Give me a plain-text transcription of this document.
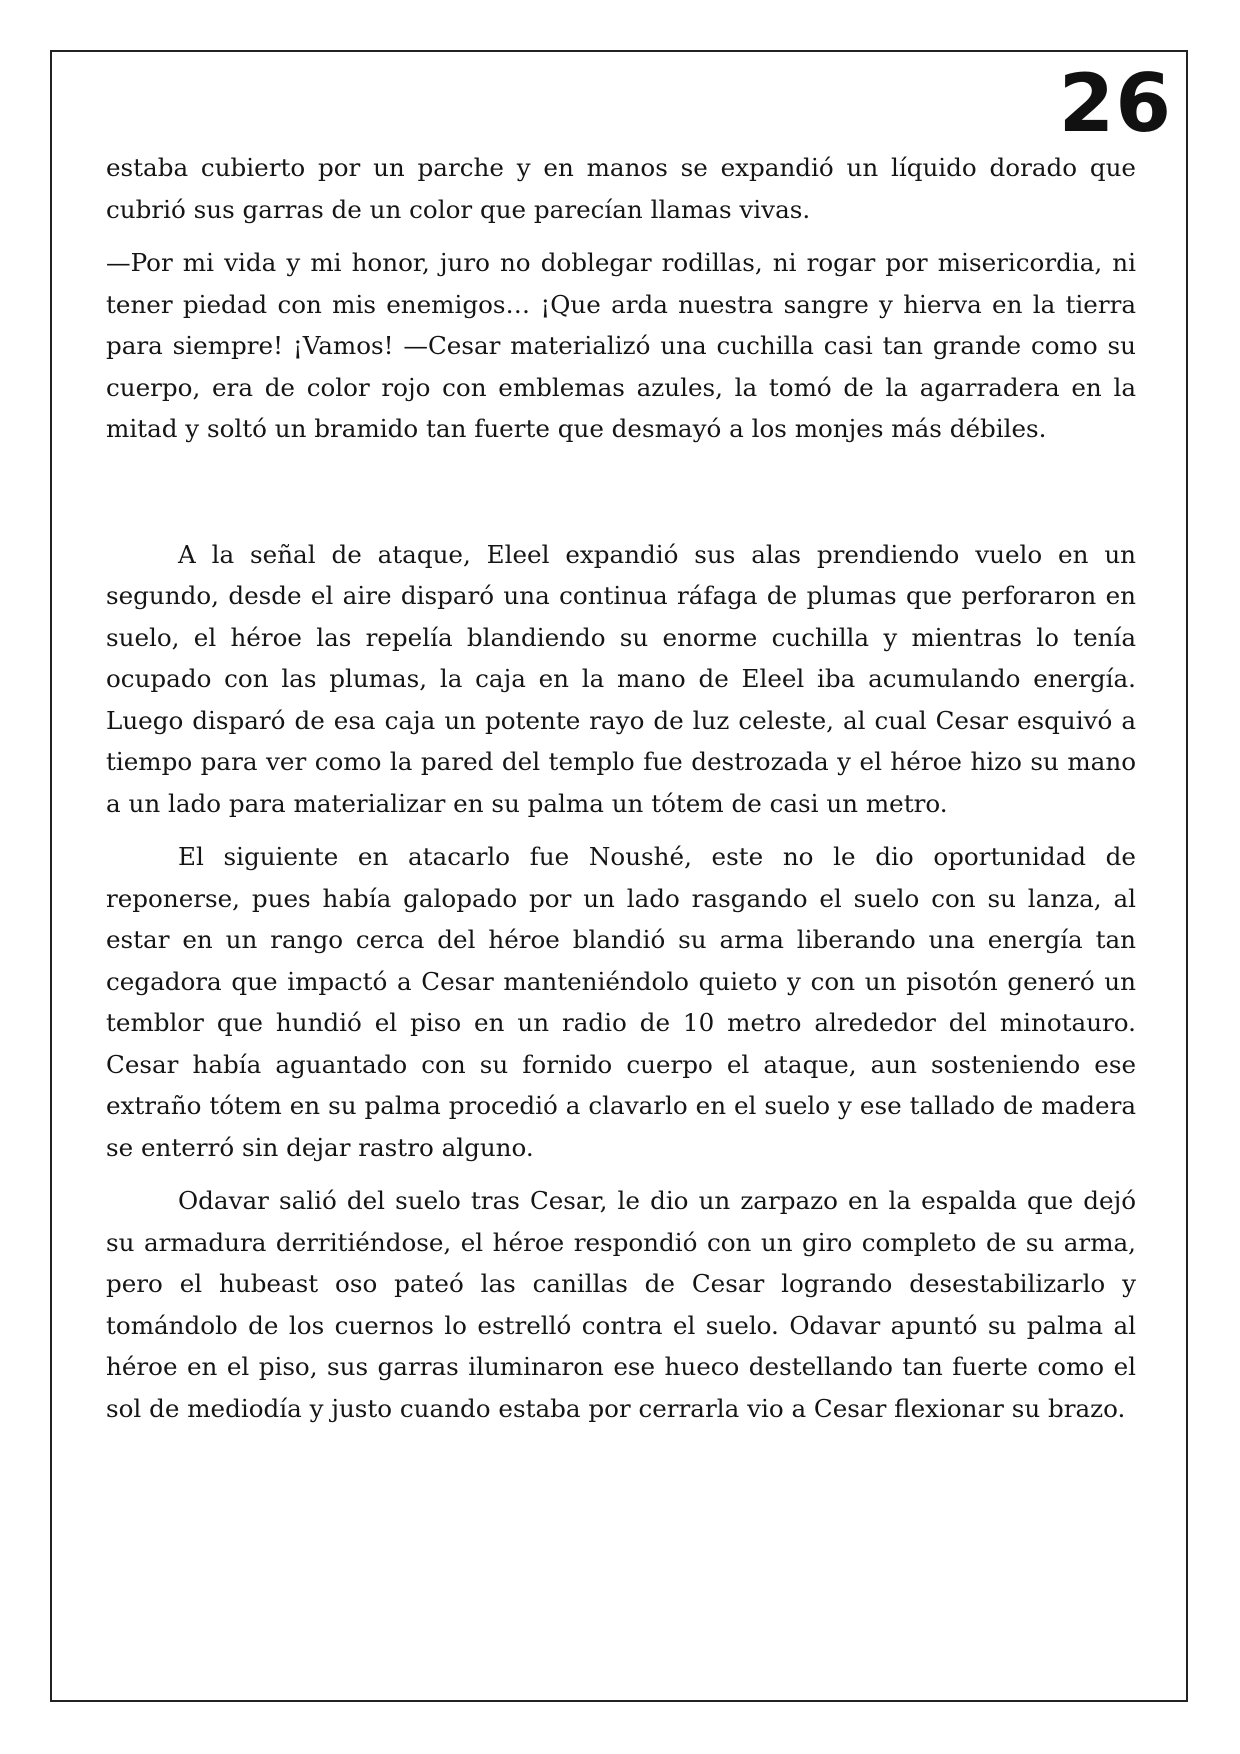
26

estaba cubierto por un parche y en manos se expandió un líquido dorado que cubrió sus garras de un color que parecían llamas vivas.

—Por mi vida y mi honor, juro no doblegar rodillas, ni rogar por misericordia, ni tener piedad con mis enemigos… ¡Que arda nuestra sangre y hierva en la tierra para siempre! ¡Vamos! —Cesar materializó una cuchilla casi tan grande como su cuerpo, era de color rojo con emblemas azules, la tomó de la agarradera en la mitad y soltó un bramido tan fuerte que desmayó a los monjes más débiles.

A la señal de ataque, Eleel expandió sus alas prendiendo vuelo en un segundo, desde el aire disparó una continua ráfaga de plumas que perforaron en suelo, el héroe las repelía blandiendo su enorme cuchilla y mientras lo tenía ocupado con las plumas, la caja en la mano de Eleel iba acumulando energía. Luego disparó de esa caja un potente rayo de luz celeste, al cual Cesar esquivó a tiempo para ver como la pared del templo fue destrozada y el héroe hizo su mano a un lado para materializar en su palma un tótem de casi un metro.

El siguiente en atacarlo fue Noushé, este no le dio oportunidad de reponerse, pues había galopado por un lado rasgando el suelo con su lanza, al estar en un rango cerca del héroe blandió su arma liberando una energía tan cegadora que impactó a Cesar manteniéndolo quieto y con un pisotón generó un temblor que hundió el piso en un radio de 10 metro alrededor del minotauro. Cesar había aguantado con su fornido cuerpo el ataque, aun sosteniendo ese extraño tótem en su palma procedió a clavarlo en el suelo y ese tallado de madera se enterró sin dejar rastro alguno.

Odavar salió del suelo tras Cesar, le dio un zarpazo en la espalda que dejó su armadura derritiéndose, el héroe respondió con un giro completo de su arma, pero el hubeast oso pateó las canillas de Cesar logrando desestabilizarlo y tomándolo de los cuernos lo estrelló contra el suelo. Odavar apuntó su palma al héroe en el piso, sus garras iluminaron ese hueco destellando tan fuerte como el sol de mediodía y justo cuando estaba por cerrarla vio a Cesar flexionar su brazo.
